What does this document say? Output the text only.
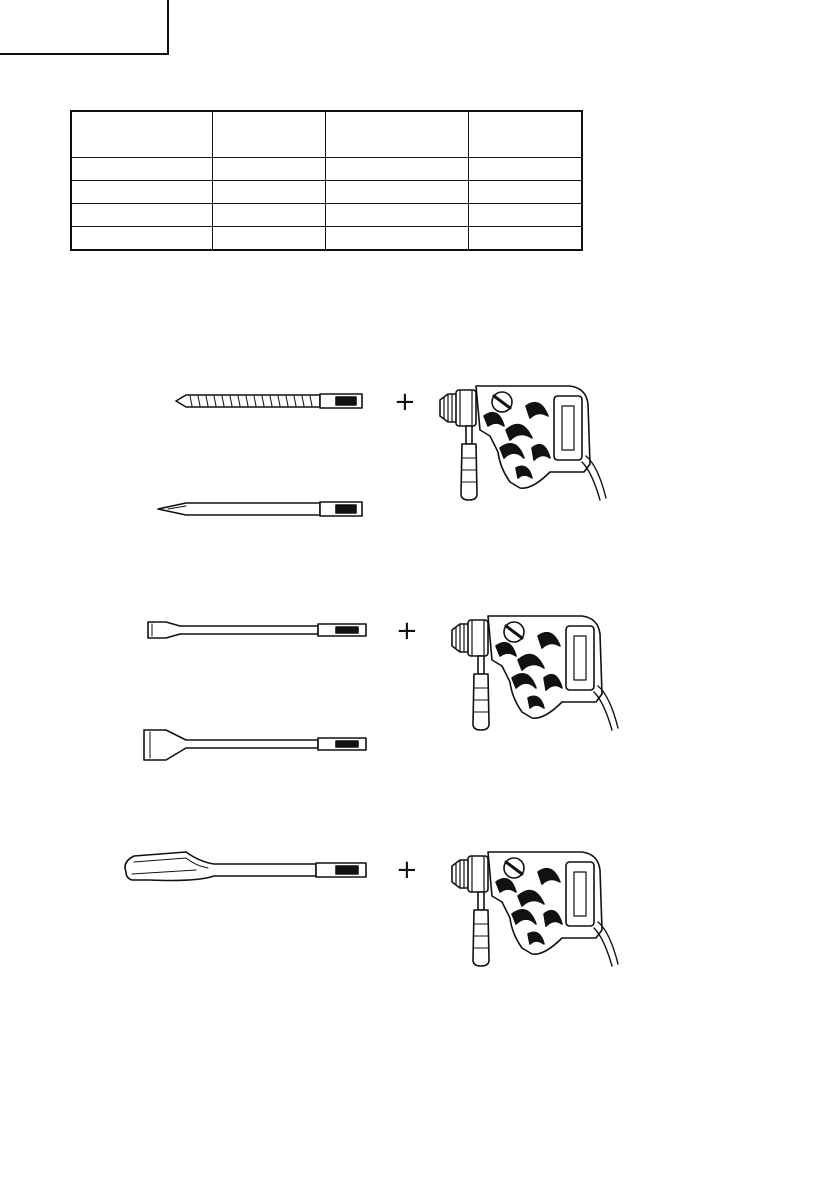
+
+
+
